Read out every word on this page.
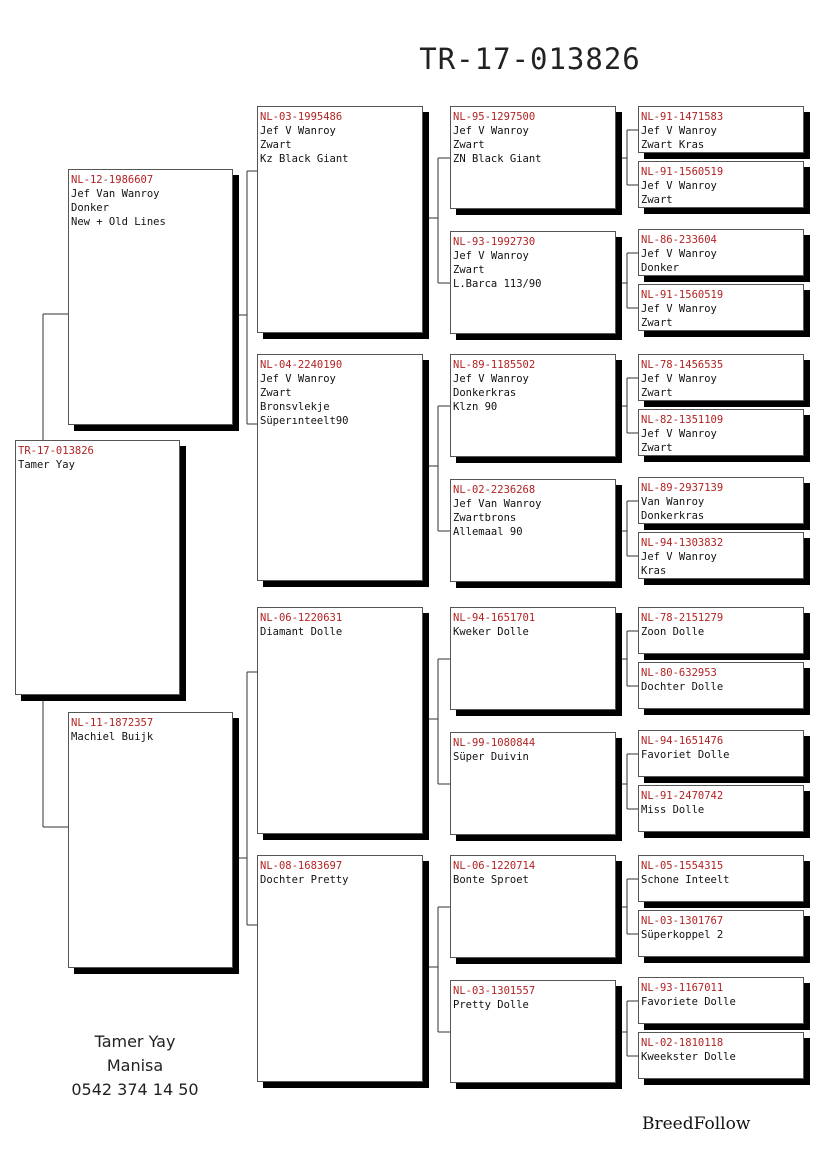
TR-17-013826
TR-17-013826
Tamer Yay
NL-12-1986607
Jef Van Wanroy
Donker
New + Old Lines
NL-11-1872357
Machiel Buijk
NL-03-1995486
Jef V Wanroy
Zwart
Kz Black Giant
NL-04-2240190
Jef V Wanroy
Zwart
Bronsvlekje
Süperınteelt90
NL-06-1220631
Diamant Dolle
NL-08-1683697
Dochter Pretty
NL-95-1297500
Jef V Wanroy
Zwart
ZN Black Giant
NL-93-1992730
Jef V Wanroy
Zwart
L.Barca 113/90
NL-89-1185502
Jef V Wanroy
Donkerkras
Klzn 90
NL-02-2236268
Jef Van Wanroy
Zwartbrons
Allemaal 90
NL-94-1651701
Kweker Dolle
NL-99-1080844
Süper Duivin
NL-06-1220714
Bonte Sproet
NL-03-1301557
Pretty Dolle
NL-91-1471583
Jef V Wanroy
Zwart Kras
NL-91-1560519
Jef V Wanroy
Zwart
NL-86-233604
Jef V Wanroy
Donker
NL-91-1560519
Jef V Wanroy
Zwart
NL-78-1456535
Jef V Wanroy
Zwart
NL-82-1351109
Jef V Wanroy
Zwart
NL-89-2937139
Van Wanroy
Donkerkras
NL-94-1303832
Jef V Wanroy
Kras
NL-78-2151279
Zoon Dolle
NL-80-632953
Dochter Dolle
NL-94-1651476
Favoriet Dolle
NL-91-2470742
Miss Dolle
NL-05-1554315
Schone Inteelt
NL-03-1301767
Süperkoppel 2
NL-93-1167011
Favoriete Dolle
NL-02-1810118
Kweekster Dolle
Tamer Yay
Manisa
0542 374 14 50
BreedFollow
